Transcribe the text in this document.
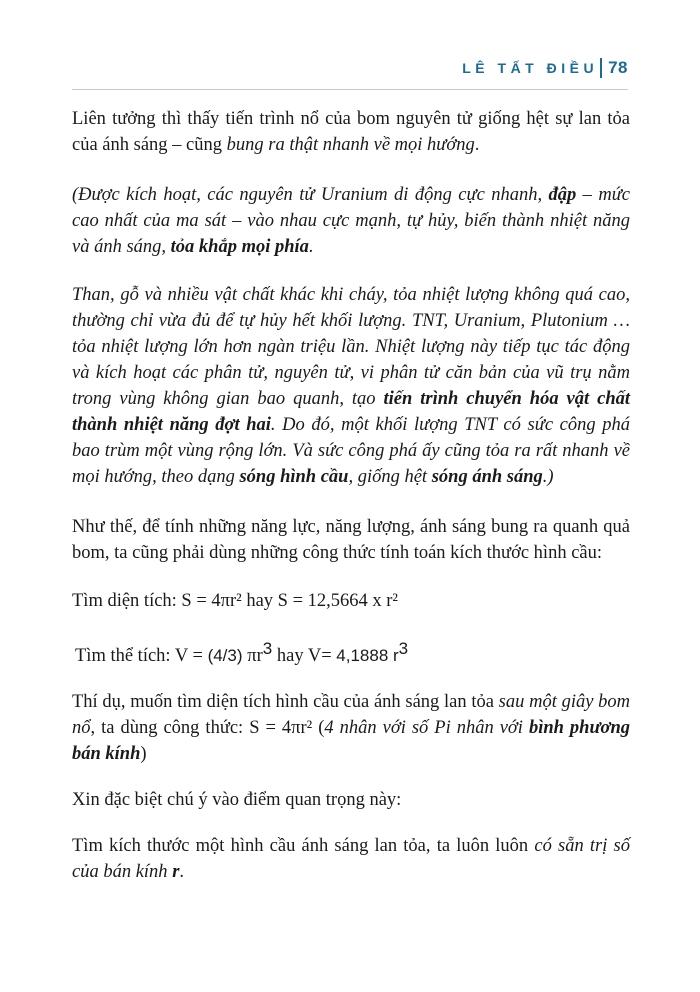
LÊ TẤT ĐIỀU 78

Liên tưởng thì thấy tiến trình nổ của bom nguyên tử giống hệt sự lan tỏa của ánh sáng – cũng bung ra thật nhanh về mọi hướng.

(Được kích hoạt, các nguyên tử Uranium di động cực nhanh, đập – mức cao nhất của ma sát – vào nhau cực mạnh, tự hủy, biến thành nhiệt năng và ánh sáng, tỏa khắp mọi phía.

Than, gỗ và nhiều vật chất khác khi cháy, tỏa nhiệt lượng không quá cao, thường chỉ vừa đủ để tự hủy hết khối lượng. TNT, Uranium, Plutonium … tỏa nhiệt lượng lớn hơn ngàn triệu lần. Nhiệt lượng này tiếp tục tác động và kích hoạt các phân tử, nguyên tử, vi phân tử căn bản của vũ trụ nằm trong vùng không gian bao quanh, tạo tiến trình chuyển hóa vật chất thành nhiệt năng đợt hai. Do đó, một khối lượng TNT có sức công phá bao trùm một vùng rộng lớn. Và sức công phá ấy cũng tỏa ra rất nhanh về mọi hướng, theo dạng sóng hình cầu, giống hệt sóng ánh sáng.)

Như thế, để tính những năng lực, năng lượng, ánh sáng bung ra quanh quả bom, ta cũng phải dùng những công thức tính toán kích thước hình cầu:

Tìm diện tích: S = 4πr² hay S = 12,5664 x r²

Tìm thể tích: V = (4/3) $\pi r^3$ hay V= 4,1888 $r^3$

Thí dụ, muốn tìm diện tích hình cầu của ánh sáng lan tỏa sau một giây bom nổ, ta dùng công thức: S = 4πr² (4 nhân với số Pi nhân với bình phương bán kính)

Xin đặc biệt chú ý vào điểm quan trọng này:

Tìm kích thước một hình cầu ánh sáng lan tỏa, ta luôn luôn có sẵn trị số của bán kính r.
